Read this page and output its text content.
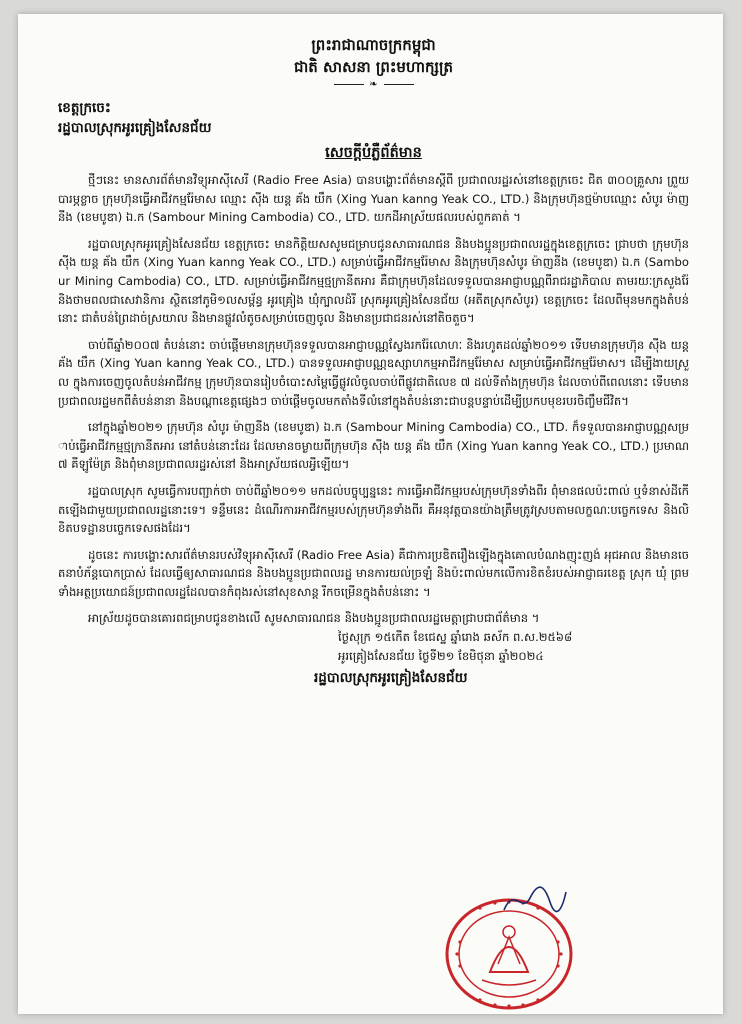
ព្រះរាជាណាចក្រកម្ពុជា
ជាតិ សាសនា ព្រះមហាក្សត្រ
❧
ខេត្តក្រចេះ
រដ្ឋបាលស្រុកអូរគ្រៀងសែនជ័យ
សេចក្តីបំភ្លឺព័ត៌មាន

ថ្មីៗនេះ មានសារព័ត៌មានវិទ្យុអាស៊ីសេរី (Radio Free Asia) បានបង្ហោះព័ត៌មានស្តីពី ប្រជាពលរដ្ឋរស់នៅខេត្តក្រចេះ ជិត ៣០០គ្រួសារ ព្រួយបារម្ភខ្លាច ក្រុមហ៊ុនធ្វើអាជីវកម្មរ៉ែមាស ឈ្មោះ ស៊ីង យន្ត គ័ង យឹក (Xing Yuan kanng Yeak CO., LTD.) និងក្រុមហ៊ុនថ្មម៉ាបឈ្មោះ សំបូរ ម៉ាញនីង (ខេមបូឌា) ឯ.ក (Sambour Mining Cambodia) CO., LTD. យកដីអាស្រ័យផលរបស់ពួកគាត់ ។

រដ្ឋបាលស្រុកអូរគ្រៀងសែនជ័យ ខេត្តក្រចេះ មានកិត្តិយសសូមជម្រាបជូនសាធារណជន និងបងប្អូនប្រជាពលរដ្ឋក្នុងខេត្តក្រចេះ ជ្រាបថា ក្រុមហ៊ុនស៊ីង យន្ត គ័ង យឹក (Xing Yuan kanng Yeak CO., LTD.) សម្រាប់ធ្វើអាជីវកម្មរ៉ែមាស និងក្រុមហ៊ុនសំបូរ ម៉ាញនីង (ខេមបូឌា) ឯ.ក (Sambour Mining Cambodia) CO., LTD. សម្រាប់ធ្វើអាជីវកម្មថ្មក្រានីតអារ គឺជាក្រុមហ៊ុនដែលទទួលបានអាជ្ញាបណ្ណពីរាជរដ្ឋាភិបាល តាមរយៈក្រសួងរ៉ែ និងថាមពលជាសេវានិការ ស្ថិតនៅភូមិ១លសម្ព័ន្ធ អូរគ្រៀង ឃុំក្បាលដំរី ស្រុកអូរគ្រៀងសែនជ័យ (អតីតស្រុកសំបូរ) ខេត្តក្រចេះ ដែលពីមុនមកក្នុងតំបន់នោះ ជាតំបន់ព្រៃដាច់ស្រយាល និងមានផ្លូវលំតូចសម្រាប់ចេញចូល និងមានប្រជាជនរស់នៅតិចតួច។

ចាប់ពីឆ្នាំ២០០៧ តំបន់នោះ ចាប់ផ្តើមមានក្រុមហ៊ុនទទួលបានអាជ្ញាបណ្ណស្វែងរករ៉ែលោហៈ និងរហូតដល់ឆ្នាំ២០១១ ទើបមានក្រុមហ៊ុន ស៊ីង យន្ត គ័ង យឹក (Xing Yuan kanng Yeak CO., LTD.) បានទទួលអាជ្ញាបណ្ណឧស្សាហកម្មអាជីវកម្មរ៉ែមាស សម្រាប់ធ្វើអាជីវកម្មរ៉ែមាស។ ដើម្បីងាយស្រួល ក្នុងការចេញចូលតំបន់អាជីវកម្ម ក្រុមហ៊ុនបានរៀបចំបោះសម្ពៃធ្វើផ្លូវលំចូលចាប់ពីផ្លូវជាតិលេខ ៧ ដល់ទីតាំងក្រុមហ៊ុន ដែលចាប់ពីពេលនោះ ទើបមានប្រជាពលរដ្ឋមកពីតំបន់នានា និងបណ្តាខេត្តផ្សេងៗ ចាប់ផ្តើមចូលមកតាំងទីលំនៅក្នុងតំបន់នោះជាបន្តបន្ទាប់ដើម្បីប្រកបមុខរបរចិញ្ចឹមជីវិត។

នៅក្នុងឆ្នាំ២០២១ ក្រុមហ៊ុន សំបូរ ម៉ាញនីង (ខេមបូឌា) ឯ.ក (Sambour Mining Cambodia) CO., LTD. ក៏ទទួលបានអាជ្ញាបណ្ណសម្រាប់ធ្វើអាជីវកម្មថ្មក្រានីតអារ នៅតំបន់នោះដែរ ដែលមានចម្ងាយពីក្រុមហ៊ុន ស៊ីង យន្ត គ័ង យឹក (Xing Yuan kanng Yeak CO., LTD.) ប្រមាណ ៧ គីឡូម៉ែត្រ និងពុំមានប្រជាពលរដ្ឋរស់នៅ និងអាស្រ័យផលអ្វីឡើយ។

រដ្ឋបាលស្រុក សូមធ្វើការបញ្ជាក់ថា ចាប់ពីឆ្នាំ២០១១ មកដល់បច្ចុប្បន្ននេះ ការធ្វើអាជីវកម្មរបស់ក្រុមហ៊ុនទាំងពីរ ពុំមានផលប៉ះពាល់ ឬទំនាស់ដីកើតឡើងជាមួយប្រជាពលរដ្ឋនោះទេ។ ទន្ទឹមនេះ ដំណើរការអាជីវកម្មរបស់ក្រុមហ៊ុនទាំងពីរ គឺអនុវត្តបានយ៉ាងត្រឹមត្រូវស្របតាមលក្ខណៈបច្ចេកទេស និងលិខិតបទដ្ឋានបច្ចេកទេសផងដែរ។

ដូចនេះ ការបង្ហោះសារព័ត៌មានរបស់វិទ្យុអាស៊ីសេរី (Radio Free Asia) គឺជាការប្រឌិតរឿងឡើងក្នុងគោលបំណងញុះញង់ អុជអាល និងមានចេតនាបំភ័ន្តបោកប្រាស់ ដែលធ្វើឲ្យសាធារណជន និងបងប្អូនប្រជាពលរដ្ឋ មានការយល់ច្រឡំ និងប៉ះពាល់មកលើការខិតខំរបស់អាជ្ញាធរខេត្ត ស្រុក ឃុំ ព្រមទាំងអត្ថប្រយោជន៍ប្រជាពលរដ្ឋដែលបានកំពុងរស់នៅសុខសាន្ត រីកចម្រើនក្នុងតំបន់នោះ ។

អាស្រ័យដូចបានគោរពជម្រាបជូនខាងលើ សូមសាធារណជន និងបងប្អូនប្រជាពលរដ្ឋមេត្តាជ្រាបជាព័ត៌មាន ។

ថ្ងៃសុក្រ ១៥កើត ខែជេស្ឋ ឆ្នាំរោង ឆស័ក ព.ស.២៥៦៨
អូរគ្រៀងសែនជ័យ ថ្ងៃទី២១ ខែមិថុនា ឆ្នាំ២០២៤
រដ្ឋបាលស្រុកអូរគ្រៀងសែនជ័យ
